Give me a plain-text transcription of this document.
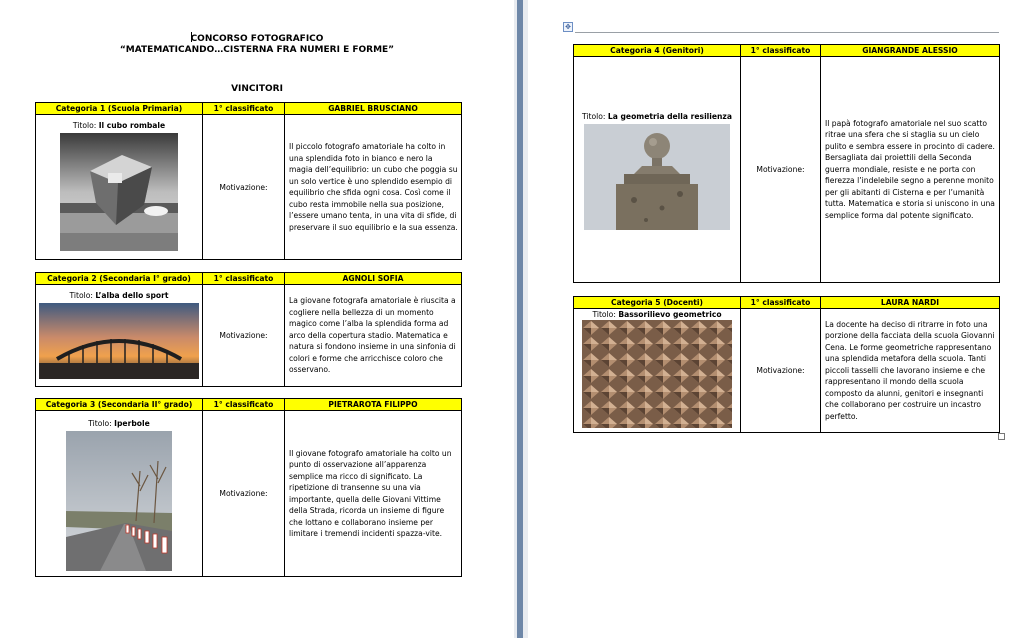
CONCORSO FOTOGRAFICO
“MATEMATICANDO…CISTERNA FRA NUMERI E FORME”
VINCITORI
Categoria 1 (Scuola Primaria)	1° classificato	GABRIEL BRUSCIANO

Titolo: Il cubo rombale	Motivazione:	Il piccolo fotografo amatoriale ha colto in una splendida foto in bianco e nero la magia dell’equilibrio: un cubo che poggia su un solo vertice è uno splendido esempio di equilibrio che sfida ogni cosa. Così come il cubo resta immobile nella sua posizione, l’essere umano tenta, in una vita di sfide, di preservare il suo equilibrio e la sua essenza.
Categoria 2 (Secondaria I° grado)	1° classificato	AGNOLI SOFIA

Titolo: L’alba dello sport	Motivazione:	La giovane fotografa amatoriale è riuscita a cogliere nella bellezza di un momento magico come l’alba la splendida forma ad arco della copertura stadio. Matematica e natura si fondono insieme in una sinfonia di colori e forme che arricchisce coloro che osservano.
Categoria 3 (Secondaria II° grado)	1° classificato	PIETRAROTA FILIPPO

Titolo: Iperbole	Motivazione:	Il giovane fotografo amatoriale ha colto un punto di osservazione all’apparenza semplice ma ricco di significato. La ripetizione di transenne su una via importante, quella delle Giovani Vittime della Strada, ricorda un insieme di figure che lottano e collaborano insieme per limitare i tremendi incidenti spazza-vite.
✥
Categoria 4 (Genitori)	1° classificato	GIANGRANDE ALESSIO

Titolo: La geometria della resilienza	Motivazione:	Il papà fotografo amatoriale nel suo scatto ritrae una sfera che si staglia su un cielo pulito e sembra essere in procinto di cadere. Bersagliata dai proiettili della Seconda guerra mondiale, resiste e ne porta con fierezza l’indelebile segno a perenne monito per gli abitanti di Cisterna e per l’umanità tutta. Matematica e storia si uniscono in una semplice forma dal potente significato.
Categoria 5 (Docenti)	1° classificato	LAURA NARDI

Titolo: Bassorilievo geometrico	Motivazione:	La docente ha deciso di ritrarre in foto una porzione della facciata della scuola Giovanni Cena. Le forme geometriche rappresentano una splendida metafora della scuola. Tanti piccoli tasselli che lavorano insieme e che rappresentano il mondo della scuola composto da alunni, genitori e insegnanti che collaborano per costruire un incastro perfetto.
